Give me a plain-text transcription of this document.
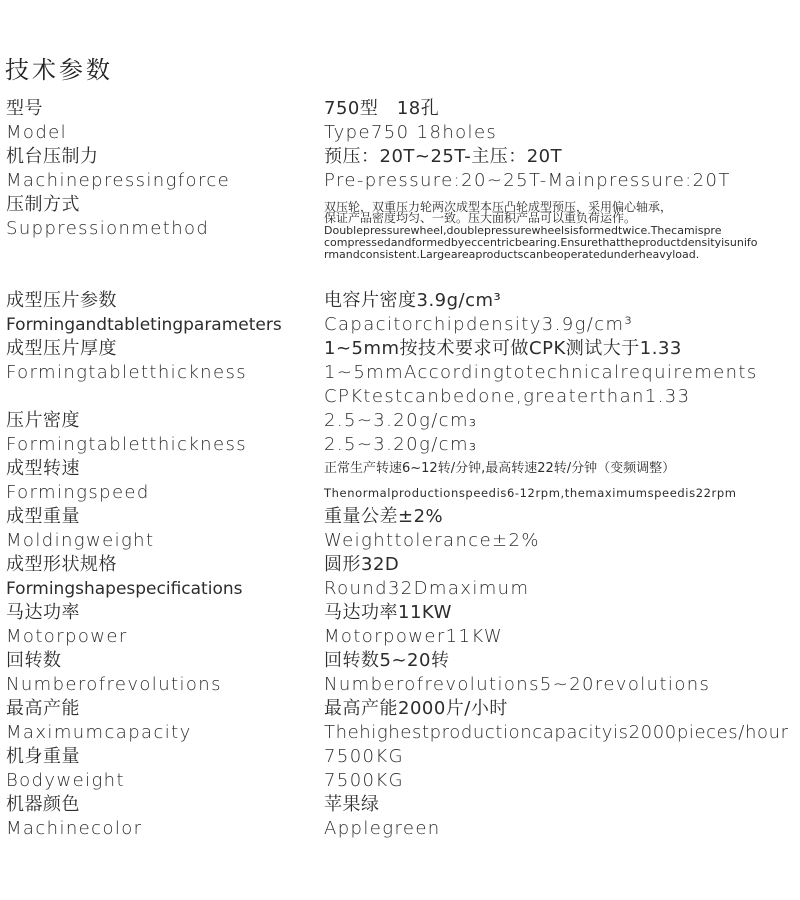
技术参数
型号
Model
750型　18孔
Type750 18holes
机台压制力
Machinepressingforce
预压：20T~25T-主压：20T
Pre-pressure:20~25T-Mainpressure:20T
压制方式
Suppressionmethod
双压轮，双重压力轮两次成型本压凸轮成型预压，采用偏心轴承，
保证产品密度均匀、一致。压大面积产品可以重负荷运作。
Doublepressurewheel,doublepressurewheelsisformedtwice.Thecamispre
compressedandformedbyeccentricbearing.Ensurethattheproductdensityisunifo
rmandconsistent.Largeareaproductscanbeoperatedunderheavyload.
成型压片参数
Formingandtabletingparameters
电容片密度3.9g/cm³
Capacitorchipdensity3.9g/cm³
成型压片厚度
Formingtabletthickness
1~5mm按技术要求可做CPK测试大于1.33
1~5mmAccordingtotechnicalrequirements
CPKtestcanbedone,greaterthan1.33
压片密度
Formingtabletthickness
2.5~3.20g/cm₃
2.5~3.20g/cm₃
成型转速
Formingspeed
正常生产转速6~12转/分钟,最高转速22转/分钟（变频调整）
Thenormalproductionspeedis6-12rpm,themaximumspeedis22rpm
成型重量
Moldingweight
重量公差±2%
Weighttolerance±2%
成型形状规格
Formingshapespecifications
圆形32D
Round32Dmaximum
马达功率
Motorpower
马达功率11KW
Motorpower11KW
回转数
Numberofrevolutions
回转数5~20转
Numberofrevolutions5~20revolutions
最高产能
Maximumcapacity
最高产能2000片/小时
Thehighestproductioncapacityis2000pieces/hour
机身重量
Bodyweight
7500KG
7500KG
机器颜色
Machinecolor
苹果绿
Applegreen
